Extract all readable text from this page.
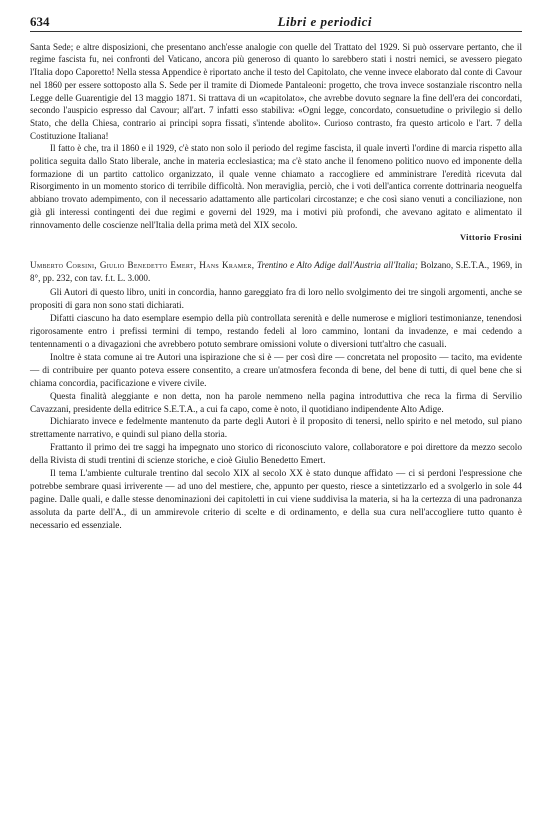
634	Libri e periodici

Santa Sede; e altre disposizioni, che presentano anch'esse analogie con quelle del Trattato del 1929. Si può osservare pertanto, che il regime fascista fu, nei confronti del Vaticano, ancora più generoso di quanto lo sarebbero stati i nostri nemici, se avessero piegato l'Italia dopo Caporetto! Nella stessa Appendice è riportato anche il testo del Capitolato, che venne invece elaborato dal conte di Cavour nel 1860 per essere sottoposto alla S. Sede per il tramite di Diomede Pantaleoni: progetto, che trova invece sostanziale riscontro nella Legge delle Guarentigie del 13 maggio 1871. Si trattava di un «capitolato», che avrebbe dovuto segnare la fine dell'era dei concordati, secondo l'auspicio espresso dal Cavour; all'art. 7 infatti esso stabiliva: «Ogni legge, concordato, consuetudine o privilegio si dello Stato, che della Chiesa, contrario ai principi sopra fissati, s'intende abolito». Curioso contrasto, fra questo articolo e l'art. 7 della Costituzione Italiana!

Il fatto è che, tra il 1860 e il 1929, c'è stato non solo il periodo del regime fascista, il quale invertì l'ordine di marcia rispetto alla politica seguita dallo Stato liberale, anche in materia ecclesiastica; ma c'è stato anche il fenomeno politico nuovo ed imponente della formazione di un partito cattolico organizzato, il quale venne chiamato a raccogliere ed amministrare l'eredità ricevuta dal Risorgimento in un momento storico di terribile difficoltà. Non meraviglia, perciò, che i voti dell'antica corrente dottrinaria neoguelfa abbiano trovato adempimento, con il necessario adattamento alle particolari circostanze; e che così siano venuti a conciliazione, non già gli interessi contingenti dei due regimi e governi del 1929, ma i motivi più profondi, che avevano agitato e alimentato il rinnovamento delle coscienze nell'Italia della prima metà del XIX secolo.

Vittorio Frosini

Umberto Corsini, Giulio Benedetto Emert, Hans Kramer, Trentino e Alto Adige dall'Austria all'Italia; Bolzano, S.E.T.A., 1969, in 8°, pp. 232, con tav. f.t. L. 3.000.

Gli Autori di questo libro, uniti in concordia, hanno gareggiato fra di loro nello svolgimento dei tre singoli argomenti, anche se propositi di gara non sono stati dichiarati.

Difatti ciascuno ha dato esemplare esempio della più controllata serenità e delle numerose e migliori testimonianze, tenendosi rigorosamente entro i prefissi termini di tempo, restando fedeli al loro cammino, lontani da invadenze, e mai cedendo a tentennamenti o a divagazioni che avrebbero potuto sembrare omissioni volute o diversioni tutt'altro che casuali.

Inoltre è stata comune ai tre Autori una ispirazione che si è — per così dire — concretata nel proposito — tacito, ma evidente — di contribuire per quanto poteva essere consentito, a creare un'atmosfera feconda di bene, del bene di tutti, di quel bene che si chiama concordia, pacificazione e vivere civile.

Questa finalità aleggiante e non detta, non ha parole nemmeno nella pagina introduttiva che reca la firma di Servilio Cavazzani, presidente della editrice S.E.T.A., a cui fa capo, come è noto, il quotidiano indipendente Alto Adige.

Dichiarato invece e fedelmente mantenuto da parte degli Autori è il proposito di tenersi, nello spirito e nel metodo, sul piano strettamente narrativo, e quindi sul piano della storia.

Frattanto il primo dei tre saggi ha impegnato uno storico di riconosciuto valore, collaboratore e poi direttore da mezzo secolo della Rivista di studi trentini di scienze storiche, e cioè Giulio Benedetto Emert.

Il tema L'ambiente culturale trentino dal secolo XIX al secolo XX è stato dunque affidato — ci si perdoni l'espressione che potrebbe sembrare quasi irriverente — ad uno del mestiere, che, appunto per questo, riesce a sintetizzarlo ed a svolgerlo in sole 44 pagine. Dalle quali, e dalle stesse denominazioni dei capitoletti in cui viene suddivisa la materia, si ha la certezza di una padronanza assoluta da parte dell'A., di un ammirevole criterio di scelte e di ordinamento, e della sua cura nell'accogliere tutto quanto è necessario ed essenziale.
